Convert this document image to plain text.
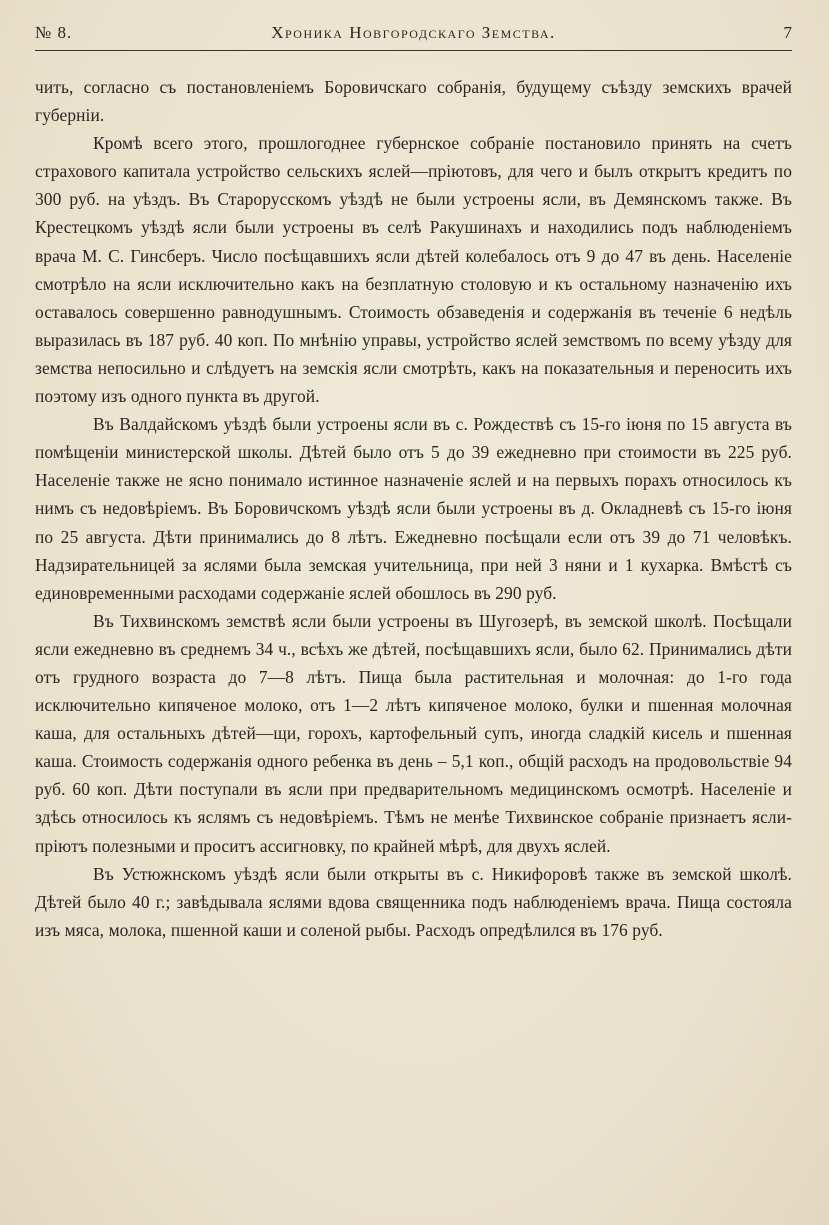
№ 8.	Хроника Новгородскаго Земства.	7

чить, согласно съ постановленіемъ Боровичскаго собранія, будущему съѣзду земскихъ врачей губерніи.

Кромѣ всего этого, прошлогоднее губернское собраніе постановило принять на счетъ страхового капитала устройство сельскихъ яслей—пріютовъ, для чего и былъ открытъ кредитъ по 300 руб. на уѣздъ. Въ Старорусскомъ уѣздѣ не были устроены ясли, въ Демянскомъ также. Въ Крестецкомъ уѣздѣ ясли были устроены въ селѣ Ракушинахъ и находились подъ наблюденіемъ врача М. С. Гинсберъ. Число посѣщавшихъ ясли дѣтей колебалось отъ 9 до 47 въ день. Населеніе смотрѣло на ясли исключительно какъ на безплатную столовую и къ остальному назначенію ихъ оставалось совершенно равнодушнымъ. Стоимость обзаведенія и содержанія въ теченіе 6 недѣль выразилась въ 187 руб. 40 коп. По мнѣнію управы, устройство яслей земствомъ по всему уѣзду для земства непосильно и слѣдуетъ на земскія ясли смотрѣть, какъ на показательныя и переносить ихъ поэтому изъ одного пункта въ другой.

Въ Валдайскомъ уѣздѣ были устроены ясли въ с. Рождествѣ съ 15-го іюня по 15 августа въ помѣщеніи министерской школы. Дѣтей было отъ 5 до 39 ежедневно при стоимости въ 225 руб. Населеніе также не ясно понимало истинное назначеніе яслей и на первыхъ порахъ относилось къ нимъ съ недовѣріемъ. Въ Боровичскомъ уѣздѣ ясли были устроены въ д. Окладневѣ съ 15-го іюня по 25 августа. Дѣти принимались до 8 лѣтъ. Ежедневно посѣщали если отъ 39 до 71 человѣкъ. Надзирательницей за яслями была земская учительница, при ней 3 няни и 1 кухарка. Вмѣстѣ съ единовременными расходами содержаніе яслей обошлось въ 290 руб.

Въ Тихвинскомъ земствѣ ясли были устроены въ Шугозерѣ, въ земской школѣ. Посѣщали ясли ежедневно въ среднемъ 34 ч., всѣхъ же дѣтей, посѣщавшихъ ясли, было 62. Принимались дѣти отъ грудного возраста до 7—8 лѣтъ. Пища была растительная и молочная: до 1-го года исключительно кипяченое молоко, отъ 1—2 лѣтъ кипяченое молоко, булки и пшенная молочная каша, для остальныхъ дѣтей—щи, горохъ, картофельный супъ, иногда сладкій кисель и пшенная каша. Стоимость содержанія одного ребенка въ день – 5,1 коп., общій расходъ на продовольствіе 94 руб. 60 коп. Дѣти поступали въ ясли при предварительномъ медицинскомъ осмотрѣ. Населеніе и здѣсь относилось къ яслямъ съ недовѣріемъ. Тѣмъ не менѣе Тихвинское собраніе признаетъ ясли-пріютъ полезными и проситъ ассигновку, по крайней мѣрѣ, для двухъ яслей.

Въ Устюжнскомъ уѣздѣ ясли были открыты въ с. Никифоровѣ также въ земской школѣ. Дѣтей было 40 г.; завѣдывала яслями вдова священника подъ наблюденіемъ врача. Пища состояла изъ мяса, молока, пшенной каши и соленой рыбы. Расходъ опредѣлился въ 176 руб.
